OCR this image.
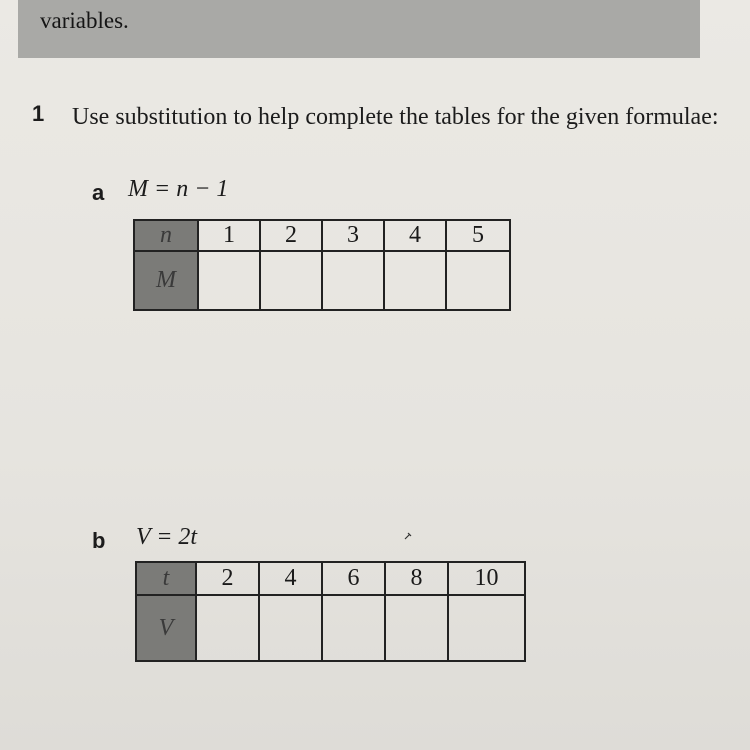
variables.
1 Use substitution to help complete the tables for the given formulae:
a M = n − 1
n	1	2	3	4	5
M					
b V = 2t
t	2	4	6	8	10
V					
